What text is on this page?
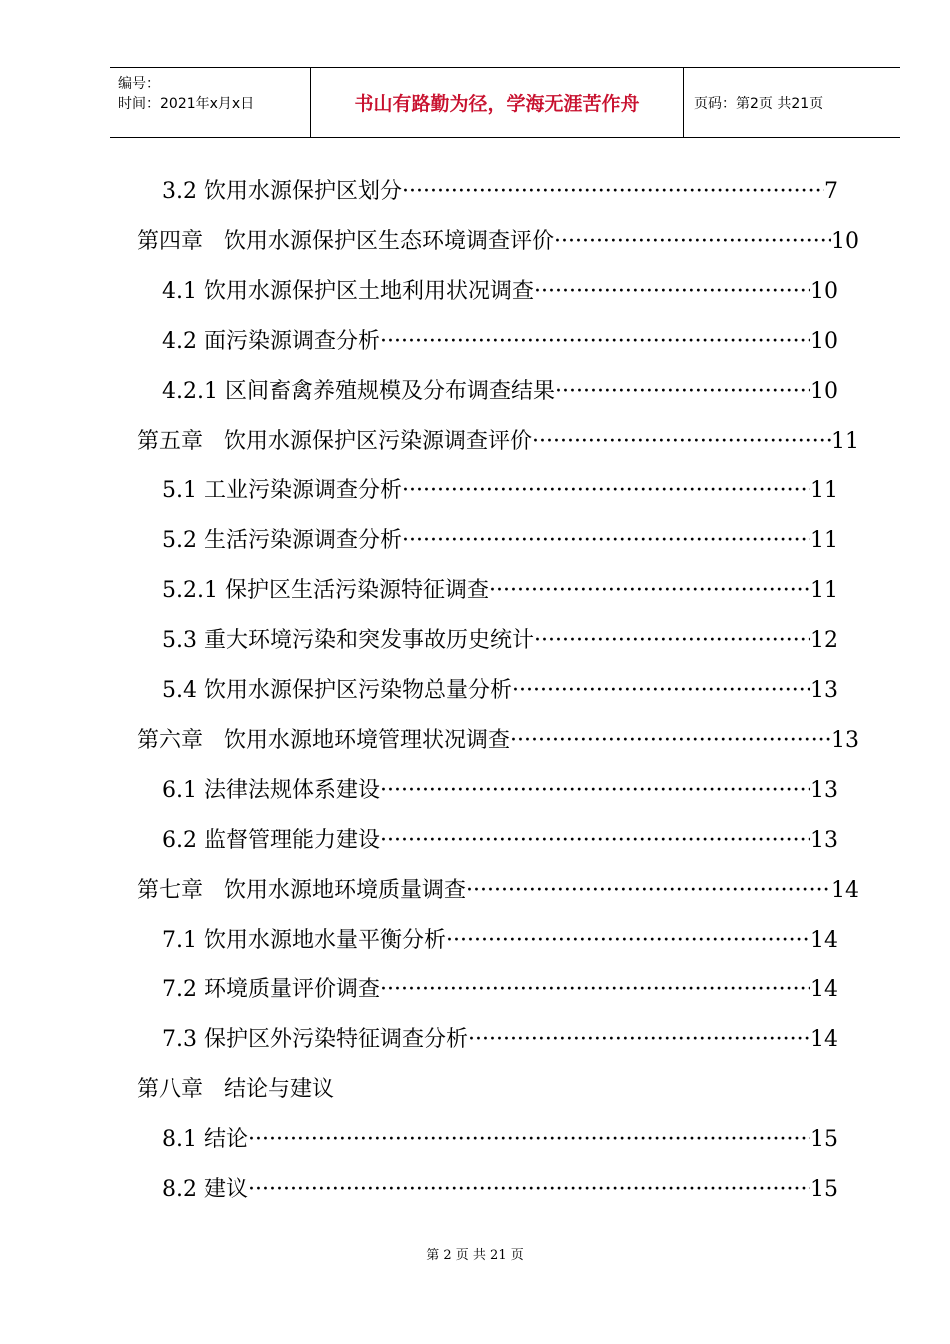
编号：
时间：2021年x月x日	书山有路勤为径，学海无涯苦作舟	页码：第2页 共21页
3.2 饮用水源保护区划分 ·····	7
第四章   饮用水源保护区生态环境调查评价 ·····	10
4.1 饮用水源保护区土地利用状况调查 ·····	10
4.2 面污染源调查分析 ·····	10
4.2.1 区间畜禽养殖规模及分布调查结果 ·····	10
第五章   饮用水源保护区污染源调查评价 ·····	11
5.1 工业污染源调查分析 ·····	11
5.2 生活污染源调查分析 ·····	11
5.2.1 保护区生活污染源特征调查 ·····	11
5.3 重大环境污染和突发事故历史统计 ·····	12
5.4 饮用水源保护区污染物总量分析 ·····	13
第六章   饮用水源地环境管理状况调查 ·····	13
6.1 法律法规体系建设 ·····	13
6.2 监督管理能力建设 ·····	13
第七章   饮用水源地环境质量调查 ·····	14
7.1 饮用水源地水量平衡分析 ·····	14
7.2 环境质量评价调查 ·····	14
7.3 保护区外污染特征调查分析 ·····	14
第八章   结论与建议
8.1 结论 ·····	15
8.2 建议 ·····	15
第 2 页 共 21 页
